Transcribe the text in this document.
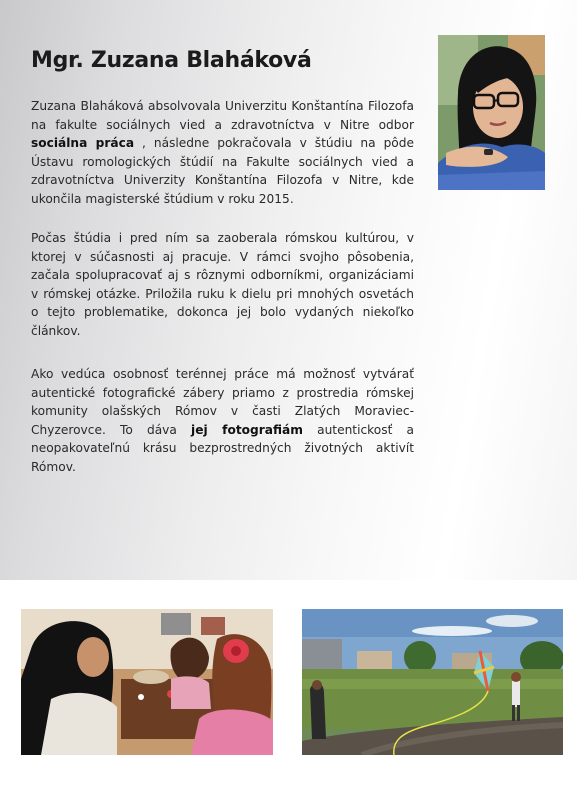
Mgr. Zuzana Blaháková

Zuzana Blaháková absolvovala Univerzitu Konštantína Filozofa na fakulte sociálnych vied a zdravotníctva v Nitre odbor sociálna práca , následne pokračovala v štúdiu na pôde Ústavu romologických štúdií na Fakulte sociálnych vied a zdravotníctva Univerzity Konštantína Filozofa v Nitre, kde ukončila magisterské štúdium v roku 2015.

Počas štúdia i pred ním sa zaoberala rómskou kultúrou, v ktorej v súčasnosti aj pracuje. V rámci svojho pôsobenia, začala spolupracovať aj s rôznymi odborníkmi, organizáciami v rómskej otázke. Priložila ruku k dielu pri mnohých osvetách o tejto problematike, dokonca jej bolo vydaných niekoľko článkov.

Ako vedúca osobnosť terénnej práce má možnosť vytvárať autentické fotografické zábery priamo z prostredia rómskej komunity olašských Rómov v časti Zlatých Moraviec-Chyzerovce. To dáva jej fotografiám autentickosť a neopakovateľnú krásu bezprostredných životných aktivít Rómov.
